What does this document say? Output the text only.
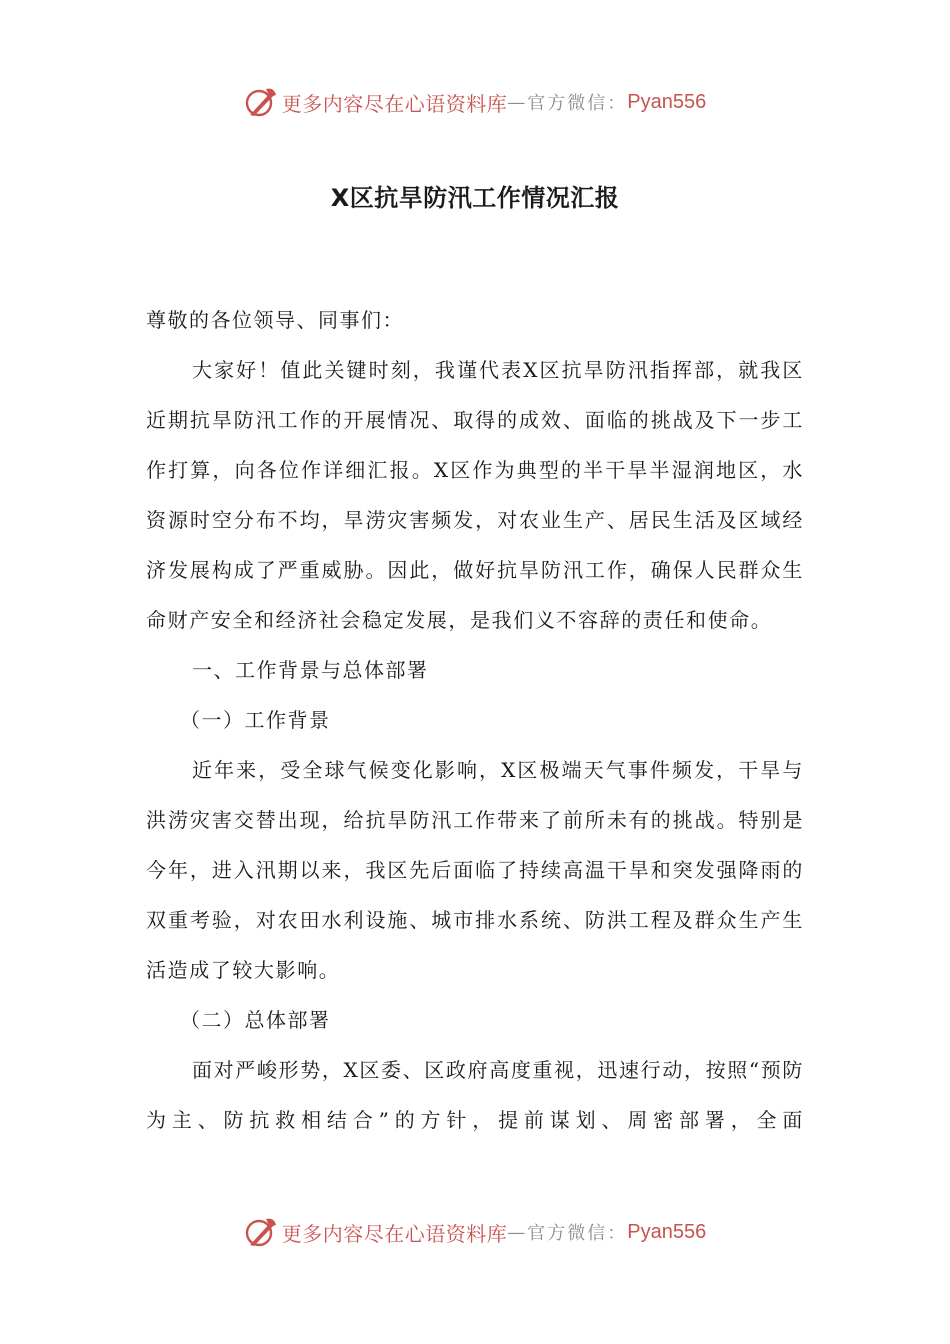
更多内容尽在心语资料库 — 官方微信： Pyan556
X区抗旱防汛工作情况汇报
尊敬的各位领导、同事们：

大家好！值此关键时刻，我谨代表X区抗旱防汛指挥部，就我区近期抗旱防汛工作的开展情况、取得的成效、面临的挑战及下一步工作打算，向各位作详细汇报。X区作为典型的半干旱半湿润地区，水资源时空分布不均，旱涝灾害频发，对农业生产、居民生活及区域经济发展构成了严重威胁。因此，做好抗旱防汛工作，确保人民群众生命财产安全和经济社会稳定发展，是我们义不容辞的责任和使命。

一、工作背景与总体部署
（一）工作背景

近年来，受全球气候变化影响，X区极端天气事件频发，干旱与洪涝灾害交替出现，给抗旱防汛工作带来了前所未有的挑战。特别是今年，进入汛期以来，我区先后面临了持续高温干旱和突发强降雨的双重考验，对农田水利设施、城市排水系统、防洪工程及群众生产生活造成了较大影响。

（二）总体部署

面对严峻形势，X区委、区政府高度重视，迅速行动，按照“预防为主、防抗救相结合”的方针，提前谋划、周密部署，全面

更多内容尽在心语资料库 — 官方微信： Pyan556
